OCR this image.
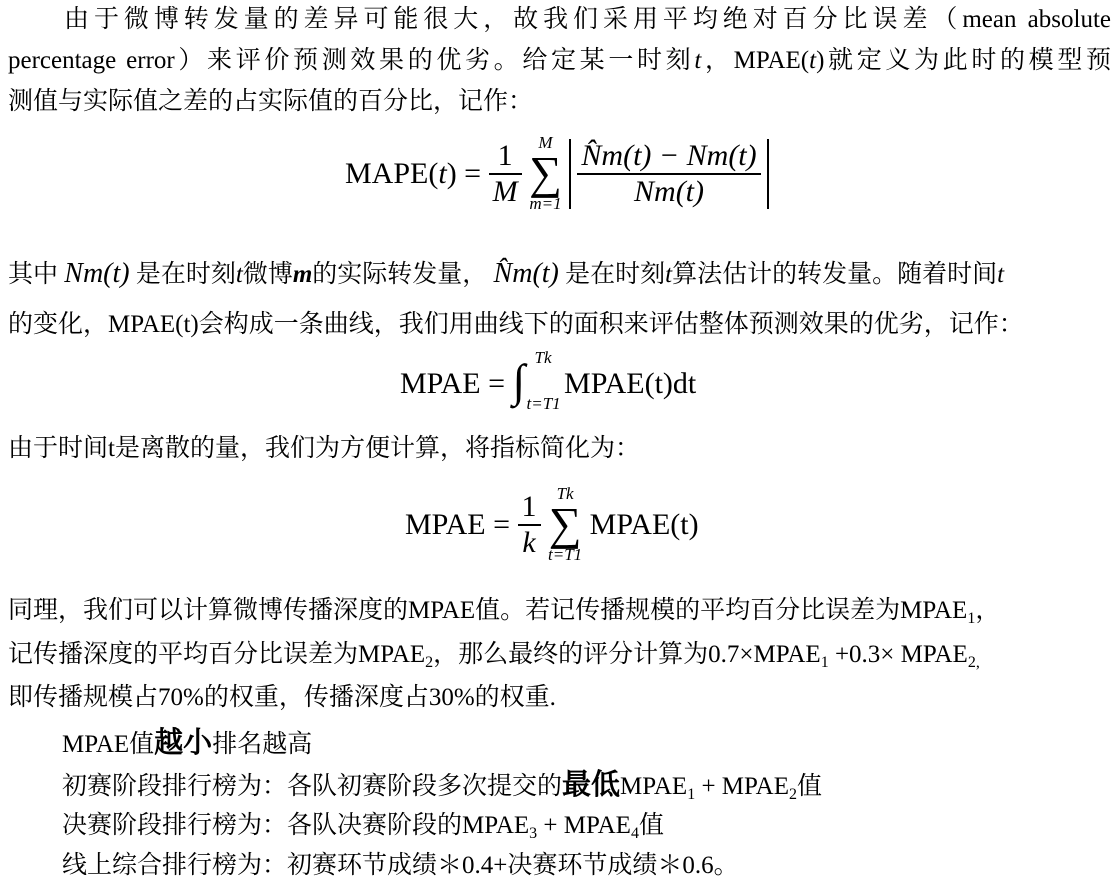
由于微博转发量的差异可能很大，故我们采用平均绝对百分比误差（mean absolute
percentage error）来评价预测效果的优劣。给定某一时刻t，MPAE(t)就定义为此时的模型预
测值与实际值之差的占实际值的百分比，记作：
MAPE(t) = $\frac{1}{M}$
M
∑
m=1
$\frac{N̂m(t) - Nm(t)}{Nm(t)}$
其中 Nm(t) 是在时刻t微博m的实际转发量， N̂m(t) 是在时刻t算法估计的转发量。随着时间t
的变化，MPAE(t)会构成一条曲线，我们用曲线下的面积来评估整体预测效果的优劣，记作：
MPAE = ∫ Tk
t=T1
MPAE(t)dt
由于时间t是离散的量，我们为方便计算，将指标简化为：
MPAE = $\frac{1}{k}$
Tk
∑
t=T1
MPAE(t)
同理，我们可以计算微博传播深度的MPAE值。若记传播规模的平均百分比误差为$MPAE_1$，
记传播深度的平均百分比误差为$MPAE_2$，那么最终的评分计算为$0.7\times MPAE_1 +0.3\times$ $MPAE_{2,}$
即传播规模占70%的权重，传播深度占30%的权重.
MPAE值越小排名越高
初赛阶段排行榜为：各队初赛阶段多次提交的最低$MPAE_1$ + $MPAE_2$值
决赛阶段排行榜为：各队决赛阶段的$MPAE_3$ + $MPAE_4$值
线上综合排行榜为：初赛环节成绩＊0.4+决赛环节成绩＊0.6。
